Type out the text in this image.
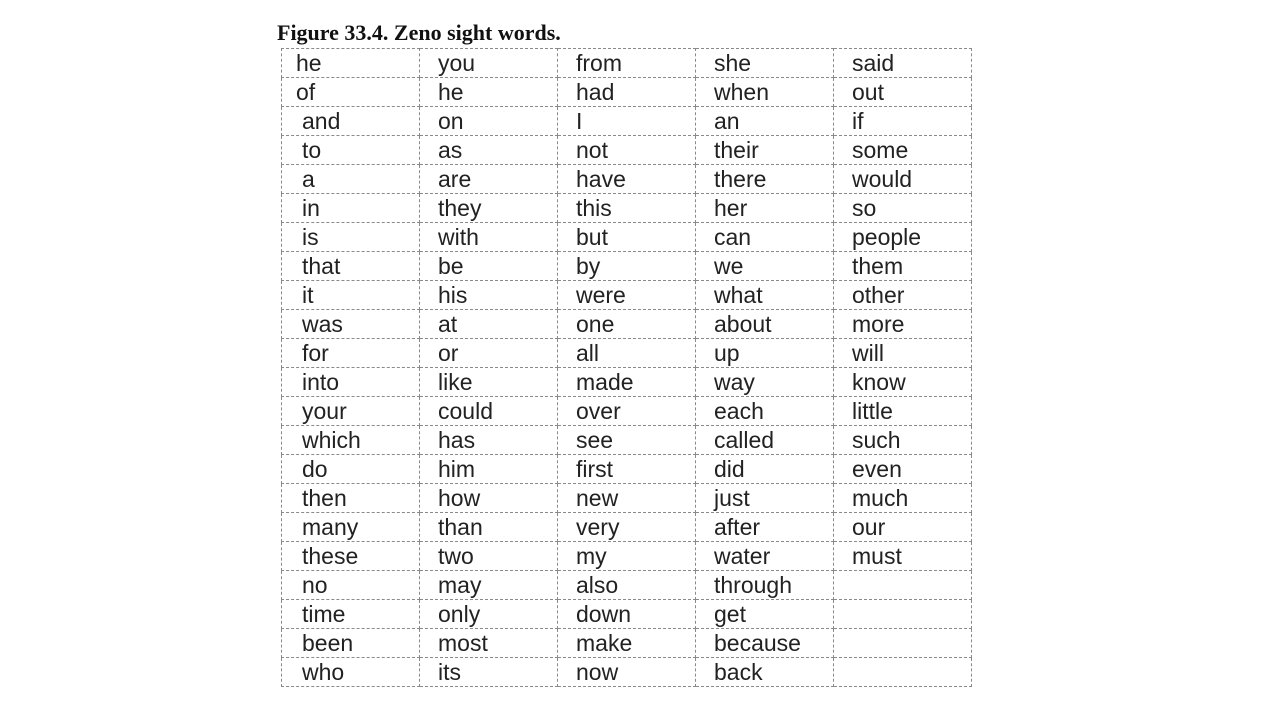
Figure 33.4. Zeno sight words.
he	you	from	she	said
of	he	had	when	out
and	on	I	an	if
to	as	not	their	some
a	are	have	there	would
in	they	this	her	so
is	with	but	can	people
that	be	by	we	them
it	his	were	what	other
was	at	one	about	more
for	or	all	up	will
into	like	made	way	know
your	could	over	each	little
which	has	see	called	such
do	him	first	did	even
then	how	new	just	much
many	than	very	after	our
these	two	my	water	must
no	may	also	through	
time	only	down	get	
been	most	make	because	
who	its	now	back	
